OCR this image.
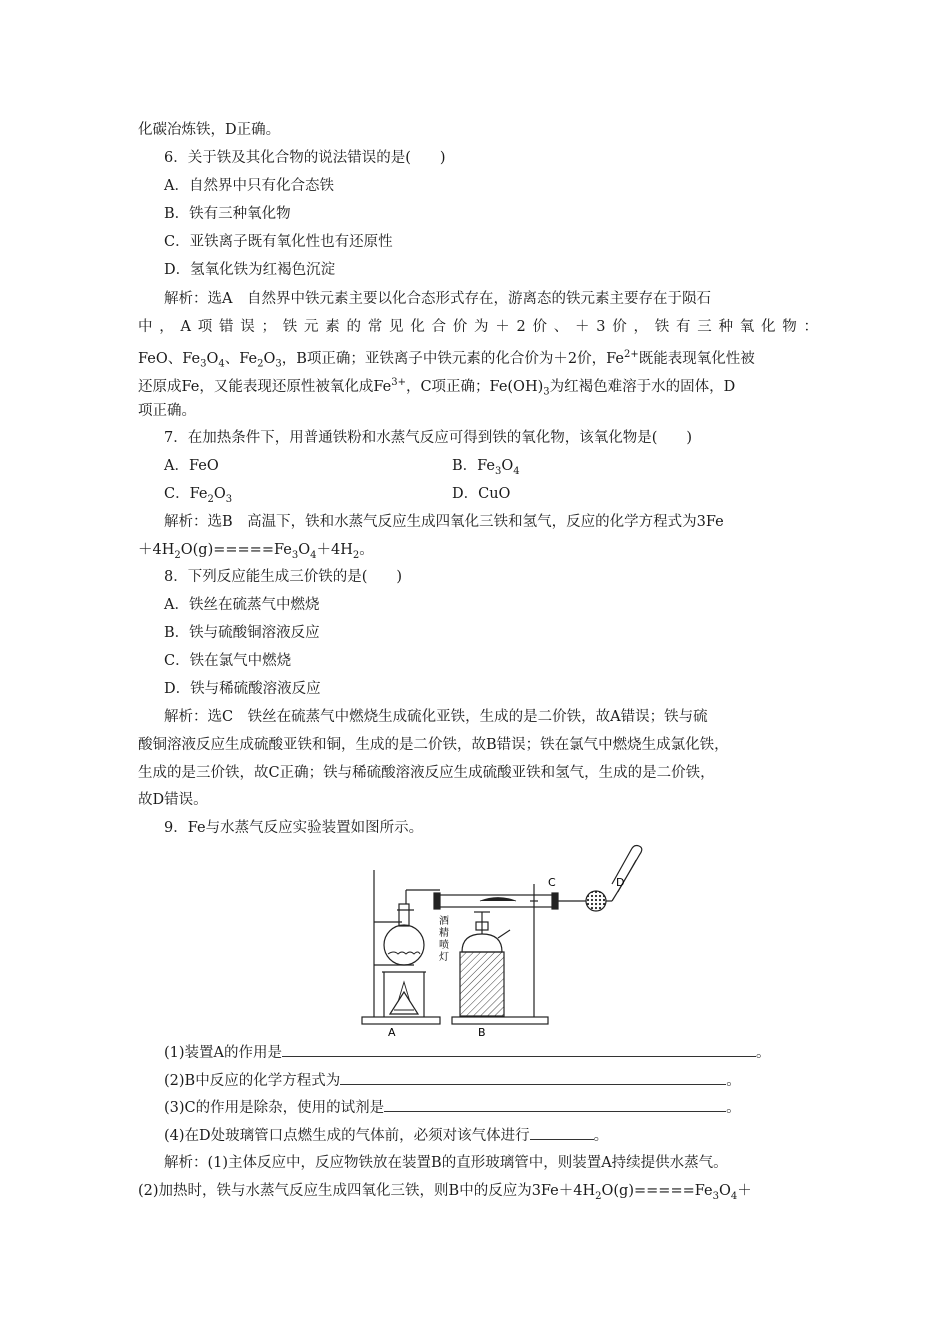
化碳冶炼铁，D正确。
6．关于铁及其化合物的说法错误的是(　　)
A．自然界中只有化合态铁
B．铁有三种氧化物
C．亚铁离子既有氧化性也有还原性
D．氢氧化铁为红褐色沉淀
解析：选A　自然界中铁元素主要以化合态形式存在，游离态的铁元素主要存在于陨石
中，A项错误；铁元素的常见化合价为＋2价、＋3价，铁有三种氧化物：
FeO、$Fe_3O_4$、$Fe_2O_3$，B项正确；亚铁离子中铁元素的化合价为＋2价，$Fe^{2+}$既能表现氧化性被
还原成Fe，又能表现还原性被氧化成$Fe^{3+}$，C项正确；$Fe(OH)_3$为红褐色难溶于水的固体，D
项正确。
7．在加热条件下，用普通铁粉和水蒸气反应可得到铁的氧化物，该氧化物是(　　)
A．FeO	B．$Fe_3O_4$
C．$Fe_2O_3$	D．CuO
解析：选B　高温下，铁和水蒸气反应生成四氧化三铁和氢气，反应的化学方程式为3Fe
$+4H_2O(g)=====Fe_3O_4+4H_2$。
8．下列反应能生成三价铁的是(　　)
A．铁丝在硫蒸气中燃烧
B．铁与硫酸铜溶液反应
C．铁在氯气中燃烧
D．铁与稀硫酸溶液反应
解析：选C　铁丝在硫蒸气中燃烧生成硫化亚铁，生成的是二价铁，故A错误；铁与硫
酸铜溶液反应生成硫酸亚铁和铜，生成的是二价铁，故B错误；铁在氯气中燃烧生成氯化铁，
生成的是三价铁，故C正确；铁与稀硫酸溶液反应生成硫酸亚铁和氢气，生成的是二价铁，
故D错误。
9．Fe与水蒸气反应实验装置如图所示。
A	B
C	D
酒
精
喷
灯
(1)装置A的作用是	。
(2)B中反应的化学方程式为	。
(3)C的作用是除杂，使用的试剂是	。
(4)在D处玻璃管口点燃生成的气体前，必须对该气体进行	。
解析：(1)主体反应中，反应物铁放在装置B的直形玻璃管中，则装置A持续提供水蒸气。
(2)加热时，铁与水蒸气反应生成四氧化三铁，则B中的反应为$3Fe+4H_2O(g)=====Fe_3O_4+$
